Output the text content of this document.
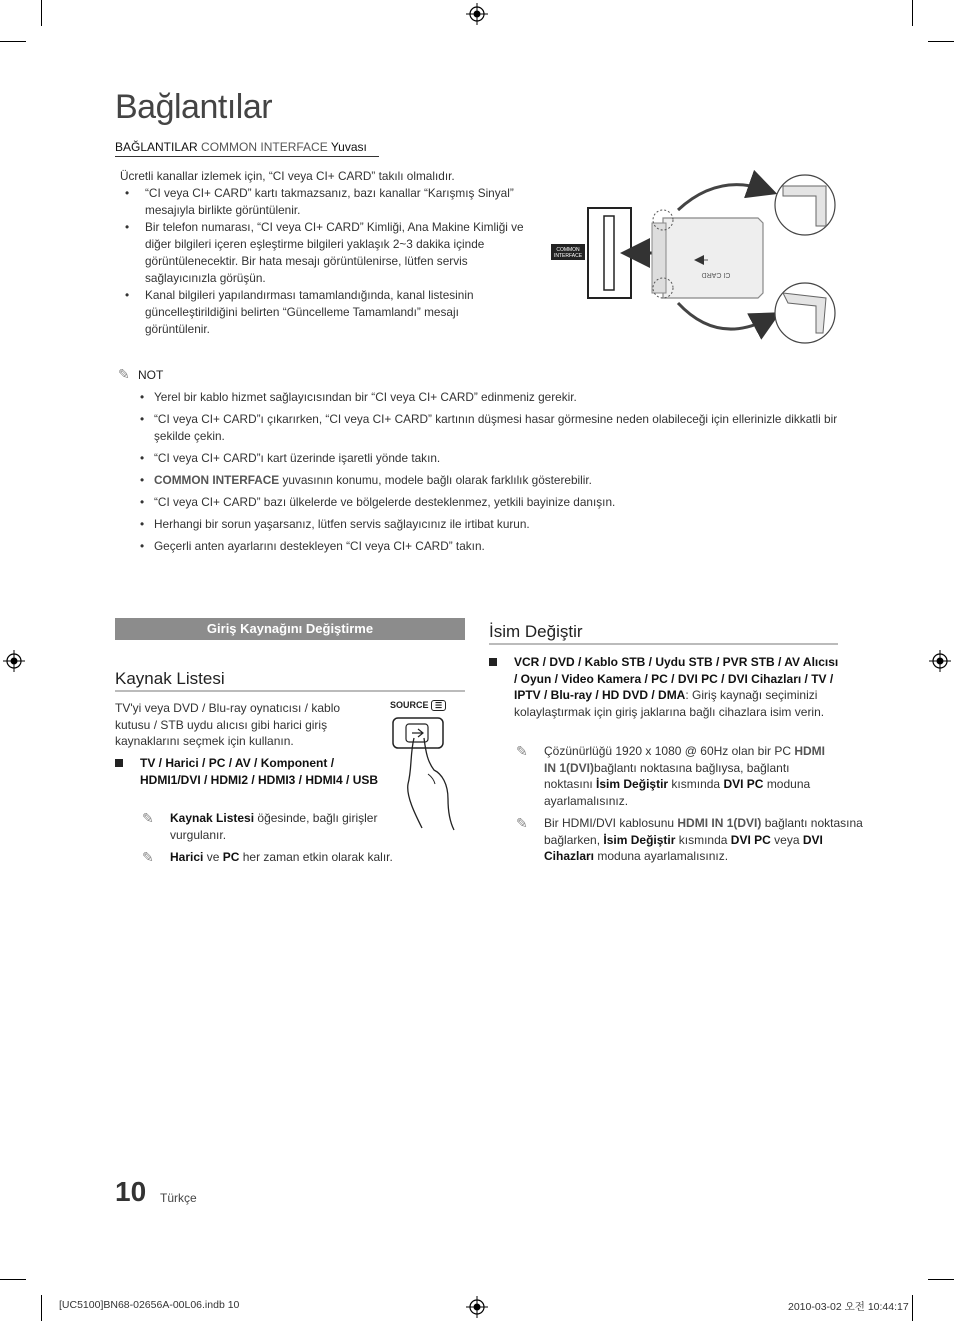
Bağlantılar
BAĞLANTILAR COMMON INTERFACE Yuvası

Ücretli kanallar izlemek için, “CI veya CI+ CARD” takılı olmalıdır.

• “CI veya CI+ CARD” kartı takmazsanız, bazı kanallar “Karışmış Sinyal” mesajıyla birlikte görüntülenir.
• Bir telefon numarası, “CI veya CI+ CARD” Kimliği, Ana Makine Kimliği ve diğer bilgileri içeren eşleştirme bilgileri yaklaşık 2~3 dakika içinde görüntülenecektir. Bir hata mesajı görüntülenirse, lütfen servis sağlayıcınızla görüşün.
• Kanal bilgileri yapılandırması tamamlandığında, kanal listesinin güncelleştirildiğini belirten “Güncelleme Tamamlandı” mesajı görüntülenir.
COMMON
INTERFACE
CI CARD
✎ NOT
• Yerel bir kablo hizmet sağlayıcısından bir “CI veya CI+ CARD” edinmeniz gerekir.
• “CI veya CI+ CARD”ı çıkarırken, “CI veya CI+ CARD” kartının düşmesi hasar görmesine neden olabileceği için ellerinizle dikkatli bir şekilde çekin.
• “CI veya CI+ CARD”ı kart üzerinde işaretli yönde takın.
• COMMON INTERFACE yuvasının konumu, modele bağlı olarak farklılık gösterebilir.
• “CI veya CI+ CARD” bazı ülkelerde ve bölgelerde desteklenmez, yetkili bayinize danışın.
• Herhangi bir sorun yaşarsanız, lütfen servis sağlayıcınız ile irtibat kurun.
• Geçerli anten ayarlarını destekleyen “CI veya CI+ CARD” takın.
Giriş Kaynağını Değiştirme
Kaynak Listesi

TV'yi veya DVD / Blu-ray oynatıcısı / kablo kutusu / STB uydu alıcısı gibi harici giriş kaynaklarını seçmek için kullanın.

SOURCE ☰
TV / Harici / PC / AV / Komponent / HDMI1/DVI / HDMI2 / HDMI3 / HDMI4 / USB
✎	Kaynak Listesi öğesinde, bağlı girişler vurgulanır.
✎	Harici ve PC her zaman etkin olarak kalır.
İsim Değiştir
VCR / DVD / Kablo STB / Uydu STB / PVR STB / AV Alıcısı / Oyun / Video Kamera / PC / DVI PC / DVI Cihazları / TV / IPTV / Blu-ray / HD DVD / DMA: Giriş kaynağı seçiminizi kolaylaştırmak için giriş jaklarına bağlı cihazlara isim verin.
✎	Çözünürlüğü 1920 x 1080 @ 60Hz olan bir PC HDMI IN 1(DVI)bağlantı noktasına bağlıysa, bağlantı noktasını İsim Değiştir kısmında DVI PC moduna ayarlamalısınız.
✎	Bir HDMI/DVI kablosunu HDMI IN 1(DVI) bağlantı noktasına bağlarken, İsim Değiştir kısmında DVI PC veya DVI Cihazları moduna ayarlamalısınız.
10 Türkçe
[UC5100]BN68-02656A-00L06.indb 10	2010-03-02 오전 10:44:17
